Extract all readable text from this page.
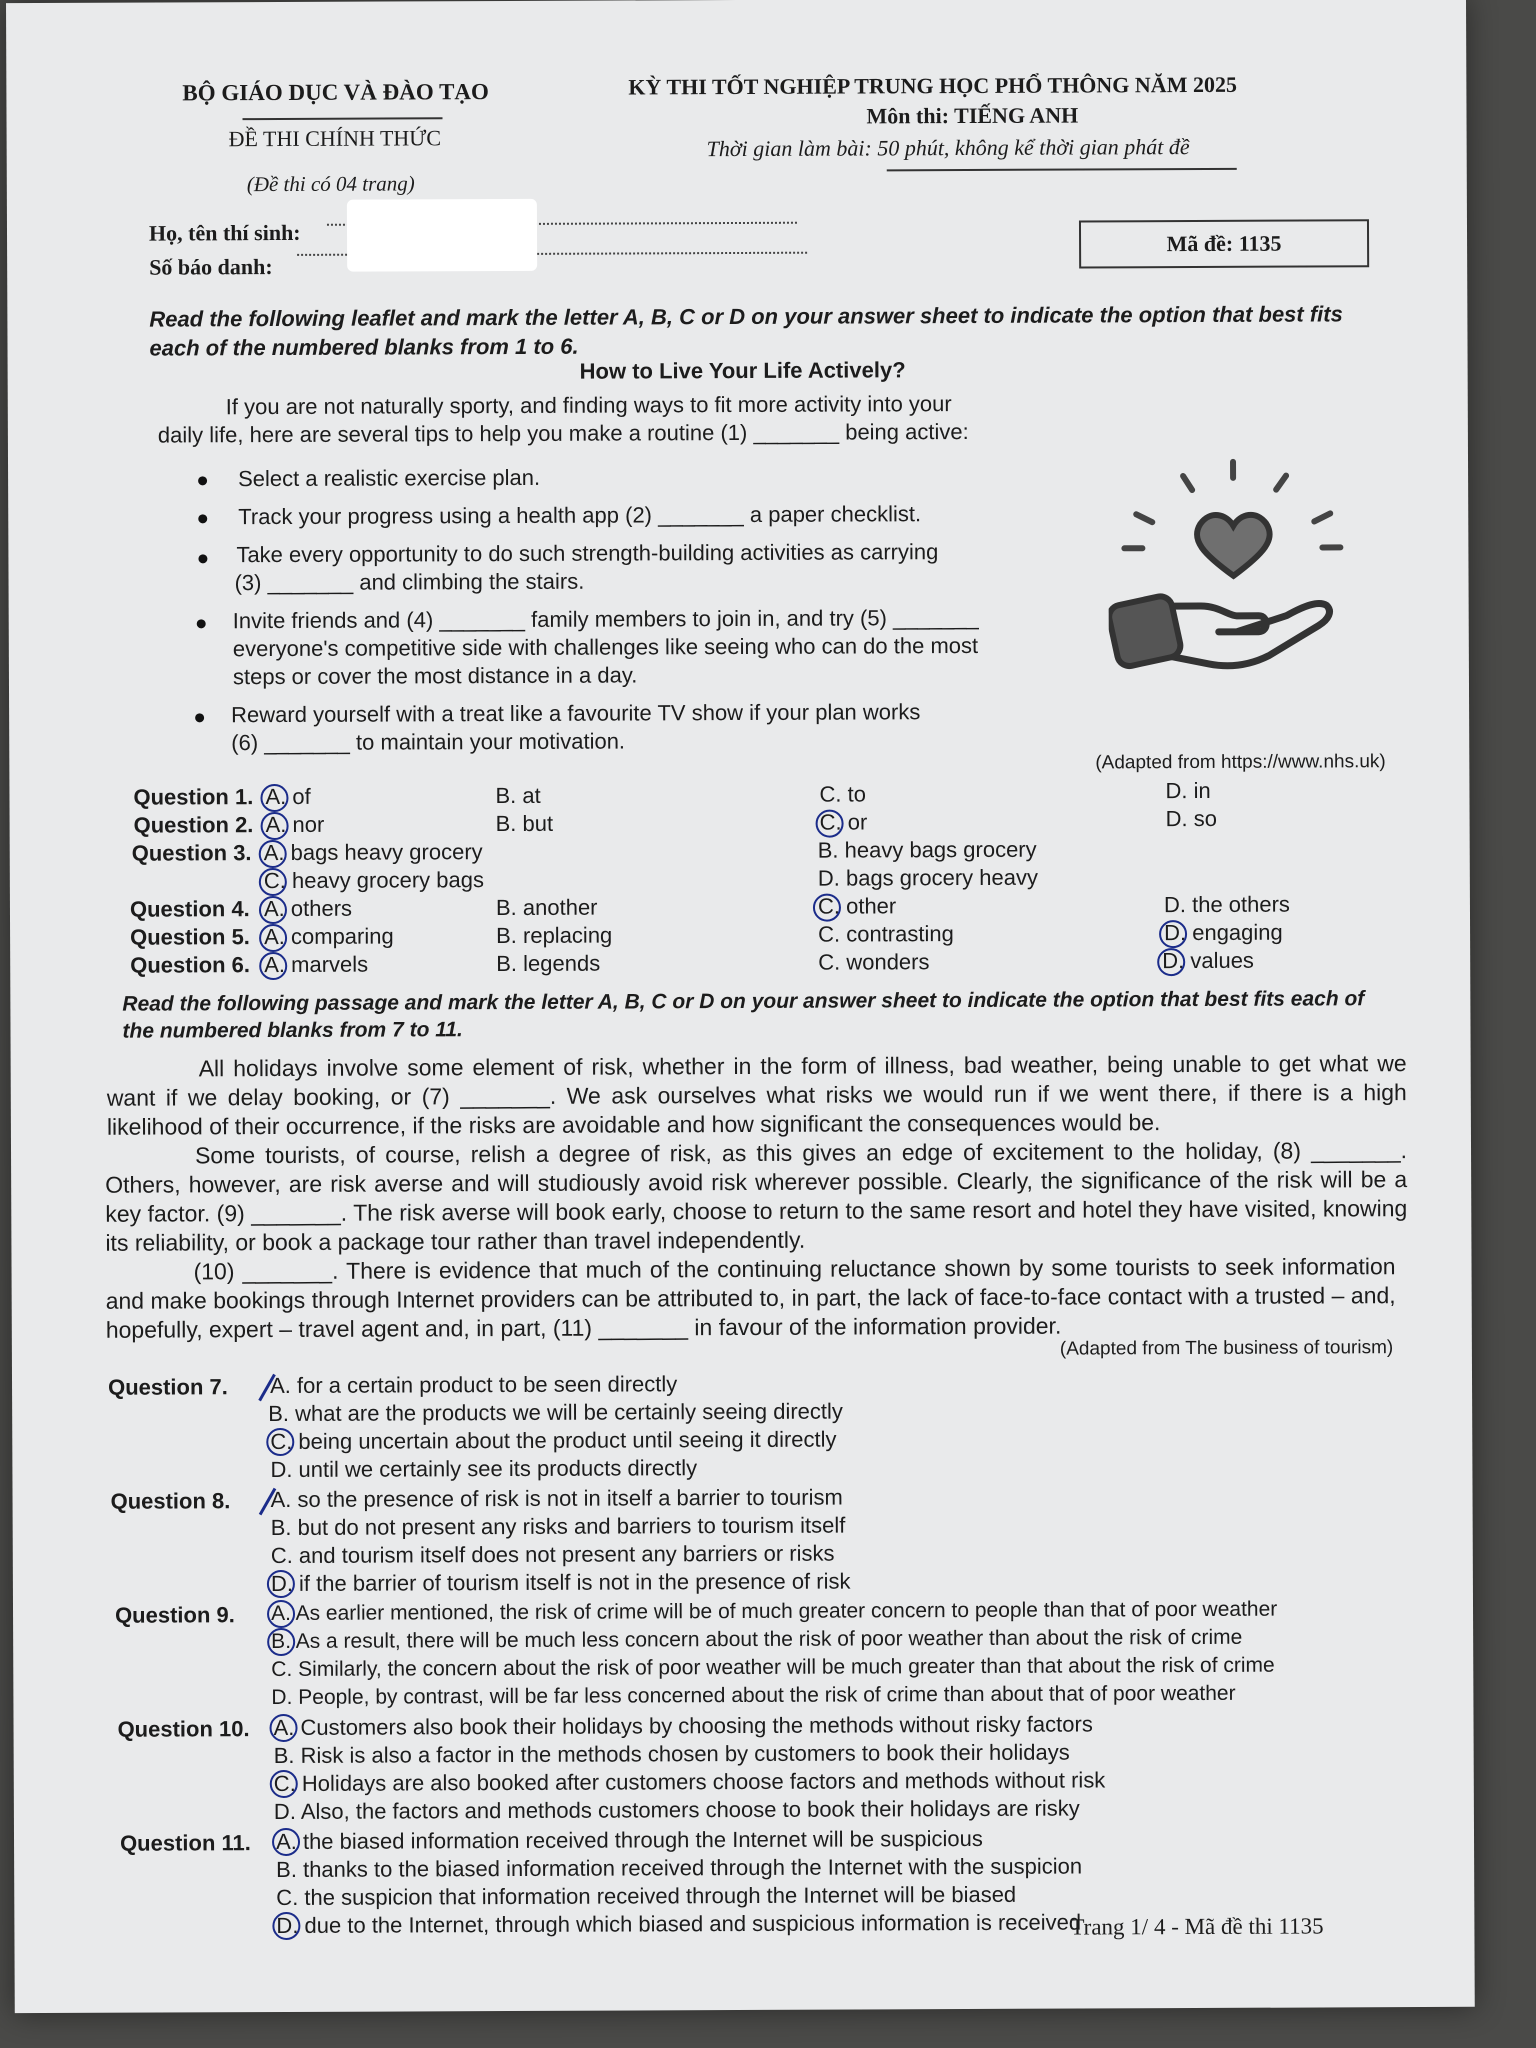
BỘ GIÁO DỤC VÀ ĐÀO TẠO
ĐỀ THI CHÍNH THỨC
(Đề thi có 04 trang)
KỲ THI TỐT NGHIỆP TRUNG HỌC PHỔ THÔNG NĂM 2025
Môn thi: TIẾNG ANH
Thời gian làm bài: 50 phút, không kể thời gian phát đề
Họ, tên thí sinh:
Số báo danh:
Mã đề: 1135
Read the following leaflet and mark the letter A, B, C or D on your answer sheet to indicate the option that best fits each of the numbered blanks from 1 to 6.
How to Live Your Life Actively?
If you are not naturally sporty, and finding ways to fit more activity into your
daily life, here are several tips to help you make a routine (1) _______ being active:
Select a realistic exercise plan.
Track your progress using a health app (2) _______ a paper checklist.
Take every opportunity to do such strength-building activities as carrying
(3) _______ and climbing the stairs.
Invite friends and (4) _______ family members to join in, and try (5) _______
everyone's competitive side with challenges like seeing who can do the most
steps or cover the most distance in a day.
Reward yourself with a treat like a favourite TV show if your plan works
(6) _______ to maintain your motivation.
(Adapted from https://www.nhs.uk)
Question 1. A. of	B. at	C. to	D. in
Question 2. A. nor	B. but	C. or	D. so
Question 3. A. bags heavy grocery	B. heavy bags grocery
C. heavy grocery bags	D. bags grocery heavy
Question 4. A. others	B. another	C. other	D. the others
Question 5. A. comparing	B. replacing	C. contrasting	D. engaging
Question 6. A. marvels	B. legends	C. wonders	D. values
Read the following passage and mark the letter A, B, C or D on your answer sheet to indicate the option that best fits each of the numbered blanks from 7 to 11.
All holidays involve some element of risk, whether in the form of illness, bad weather, being unable to get what we want if we delay booking, or (7) _______. We ask ourselves what risks we would run if we went there, if there is a high likelihood of their occurrence, if the risks are avoidable and how significant the consequences would be.
Some tourists, of course, relish a degree of risk, as this gives an edge of excitement to the holiday, (8) _______. Others, however, are risk averse and will studiously avoid risk wherever possible. Clearly, the significance of the risk will be a key factor. (9) _______. The risk averse will book early, choose to return to the same resort and hotel they have visited, knowing its reliability, or book a package tour rather than travel independently.
(10) _______. There is evidence that much of the continuing reluctance shown by some tourists to seek information and make bookings through Internet providers can be attributed to, in part, the lack of face-to-face contact with a trusted – and, hopefully, expert – travel agent and, in part, (11) _______ in favour of the information provider.
(Adapted from The business of tourism)
Question 7. A. for a certain product to be seen directly
B. what are the products we will be certainly seeing directly
C. being uncertain about the product until seeing it directly
D. until we certainly see its products directly
Question 8. A. so the presence of risk is not in itself a barrier to tourism
B. but do not present any risks and barriers to tourism itself
C. and tourism itself does not present any barriers or risks
D. if the barrier of tourism itself is not in the presence of risk
Question 9. A. As earlier mentioned, the risk of crime will be of much greater concern to people than that of poor weather
B. As a result, there will be much less concern about the risk of poor weather than about the risk of crime
C. Similarly, the concern about the risk of poor weather will be much greater than that about the risk of crime
D. People, by contrast, will be far less concerned about the risk of crime than about that of poor weather
Question 10. A. Customers also book their holidays by choosing the methods without risky factors
B. Risk is also a factor in the methods chosen by customers to book their holidays
C. Holidays are also booked after customers choose factors and methods without risk
D. Also, the factors and methods customers choose to book their holidays are risky
Question 11. A. the biased information received through the Internet will be suspicious
B. thanks to the biased information received through the Internet with the suspicion
C. the suspicion that information received through the Internet will be biased
D. due to the Internet, through which biased and suspicious information is received
Trang 1/ 4 - Mã đề thi 1135
